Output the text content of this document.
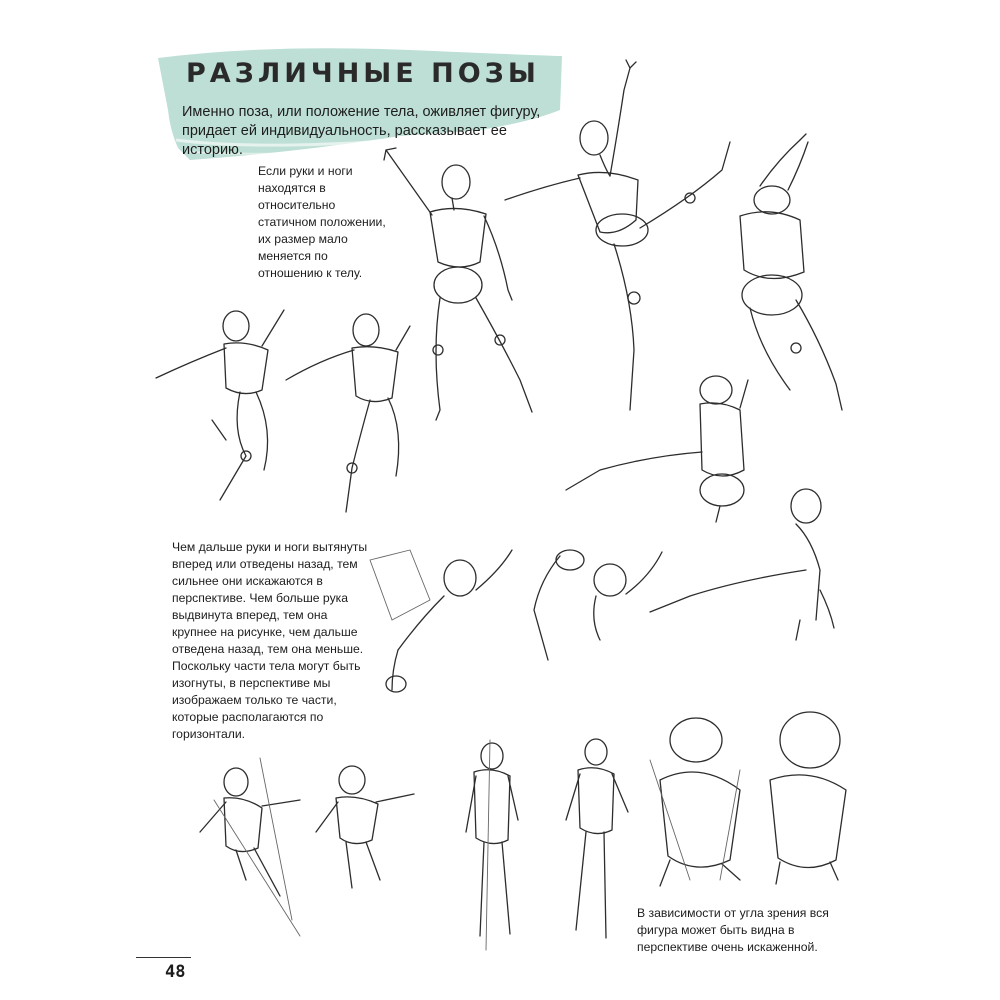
РАЗЛИЧНЫЕ ПОЗЫ
Именно поза, или положение тела, оживляет фигуру, придает ей индивидуальность, рассказывает ее историю.
Если руки и ноги находятся в относительно статичном положении, их размер мало меняется по отношению к телу.
Чем дальше руки и ноги вытянуты вперед или отведены назад, тем сильнее они искажаются в перспективе. Чем больше рука выдвинута вперед, тем она крупнее на рисунке, чем дальше отведена назад, тем она меньше. Поскольку части тела могут быть изогнуты, в перспективе мы изображаем только те части, которые располагаются по горизонтали.
В зависимости от угла зрения вся фигура может быть видна в перспективе очень искаженной.
48
